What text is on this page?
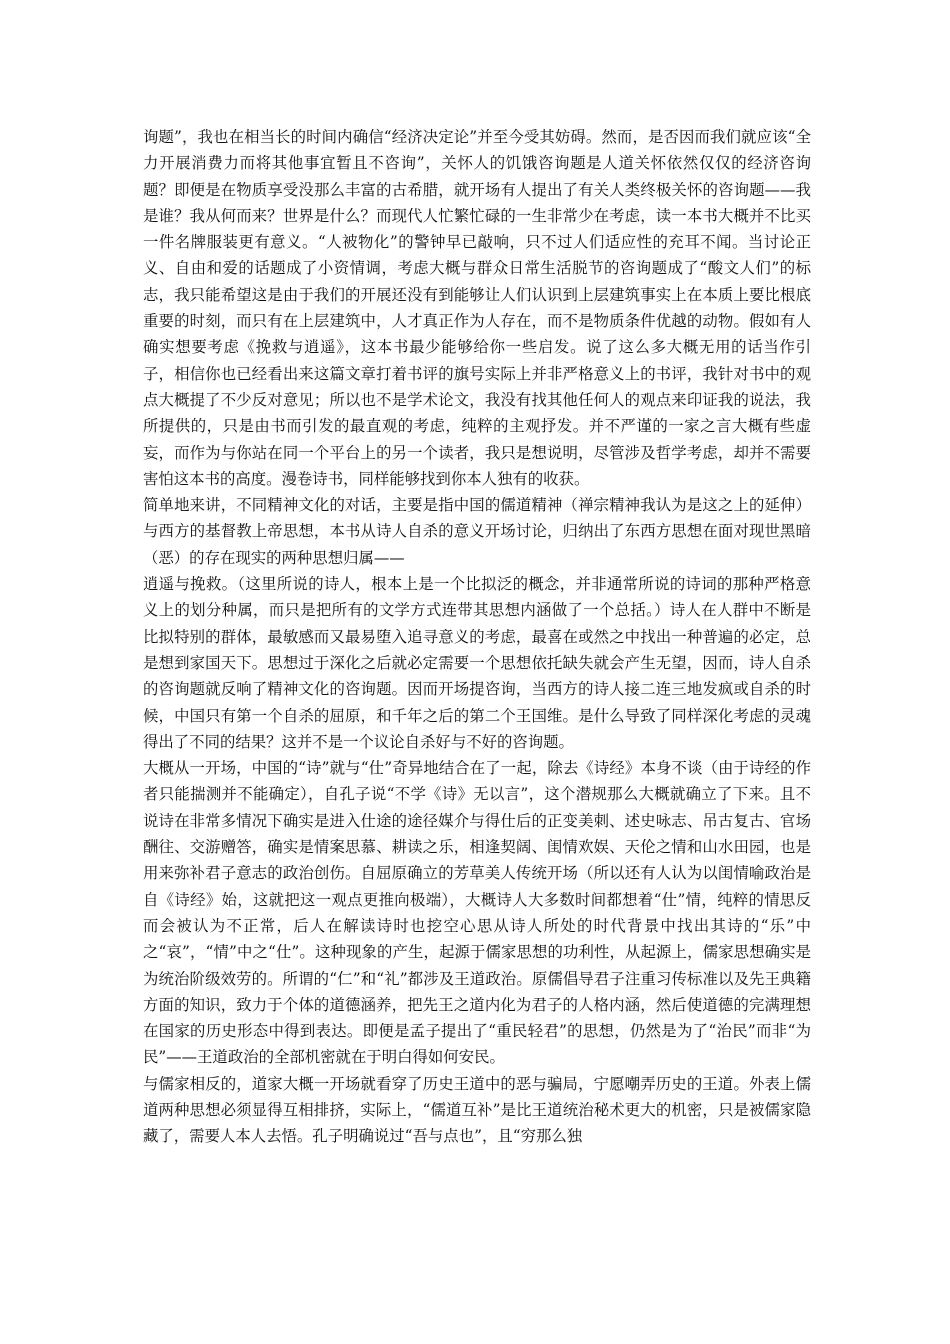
询题”，我也在相当长的时间内确信“经济决定论”并至今受其妨碍。然而，是否因而我们就应该“全力开展消费力而将其他事宜暂且不咨询”，关怀人的饥饿咨询题是人道关怀依然仅仅的经济咨询题？即便是在物质享受没那么丰富的古希腊，就开场有人提出了有关人类终极关怀的咨询题——我是谁？我从何而来？世界是什么？而现代人忙繁忙碌的一生非常少在考虑，读一本书大概并不比买一件名牌服装更有意义。“人被物化”的警钟早已敲响，只不过人们适应性的充耳不闻。当讨论正义、自由和爱的话题成了小资情调，考虑大概与群众日常生活脱节的咨询题成了“酸文人们”的标志，我只能希望这是由于我们的开展还没有到能够让人们认识到上层建筑事实上在本质上要比根底重要的时刻，而只有在上层建筑中，人才真正作为人存在，而不是物质条件优越的动物。假如有人确实想要考虑《挽救与逍遥》，这本书最少能够给你一些启发。说了这么多大概无用的话当作引子，相信你也已经看出来这篇文章打着书评的旗号实际上并非严格意义上的书评，我针对书中的观点大概提了不少反对意见；所以也不是学术论文，我没有找其他任何人的观点来印证我的说法，我所提供的，只是由书而引发的最直观的考虑，纯粹的主观抒发。并不严谨的一家之言大概有些虚妄，而作为与你站在同一个平台上的另一个读者，我只是想说明，尽管涉及哲学考虑，却并不需要害怕这本书的高度。漫卷诗书，同样能够找到你本人独有的收获。

简单地来讲，不同精神文化的对话，主要是指中国的儒道精神（禅宗精神我认为是这之上的延伸）与西方的基督教上帝思想，本书从诗人自杀的意义开场讨论，归纳出了东西方思想在面对现世黑暗（恶）的存在现实的两种思想归属——

逍遥与挽救。（这里所说的诗人，根本上是一个比拟泛的概念，并非通常所说的诗词的那种严格意义上的划分种属，而只是把所有的文学方式连带其思想内涵做了一个总括。）诗人在人群中不断是比拟特别的群体，最敏感而又最易堕入追寻意义的考虑，最喜在或然之中找出一种普遍的必定，总是想到家国天下。思想过于深化之后就必定需要一个思想依托缺失就会产生无望，因而，诗人自杀的咨询题就反响了精神文化的咨询题。因而开场提咨询，当西方的诗人接二连三地发疯或自杀的时候，中国只有第一个自杀的屈原，和千年之后的第二个王国维。是什么导致了同样深化考虑的灵魂得出了不同的结果？这并不是一个议论自杀好与不好的咨询题。

大概从一开场，中国的“诗”就与“仕”奇异地结合在了一起，除去《诗经》本身不谈（由于诗经的作者只能揣测并不能确定），自孔子说“不学《诗》无以言”，这个潜规那么大概就确立了下来。且不说诗在非常多情况下确实是进入仕途的途径媒介与得仕后的正变美刺、述史咏志、吊古复古、官场酬往、交游赠答，确实是情案思慕、耕读之乐，相逢契阔、闺情欢娱、天伦之情和山水田园，也是用来弥补君子意志的政治创伤。自屈原确立的芳草美人传统开场（所以还有人认为以闺情喻政治是自《诗经》始，这就把这一观点更推向极端），大概诗人大多数时间都想着“仕”情，纯粹的情思反而会被认为不正常，后人在解读诗时也挖空心思从诗人所处的时代背景中找出其诗的“乐”中之“哀”，“情”中之“仕”。这种现象的产生，起源于儒家思想的功利性，从起源上，儒家思想确实是为统治阶级效劳的。所谓的“仁”和“礼”都涉及王道政治。原儒倡导君子注重习传标准以及先王典籍方面的知识，致力于个体的道德涵养，把先王之道内化为君子的人格内涵，然后使道德的完满理想在国家的历史形态中得到表达。即便是孟子提出了“重民轻君”的思想，仍然是为了“治民”而非“为民”——王道政治的全部机密就在于明白得如何安民。

与儒家相反的，道家大概一开场就看穿了历史王道中的恶与骗局，宁愿嘲弄历史的王道。外表上儒道两种思想必须显得互相排挤，实际上，“儒道互补”是比王道统治秘术更大的机密，只是被儒家隐藏了，需要人本人去悟。孔子明确说过“吾与点也”，且“穷那么独
